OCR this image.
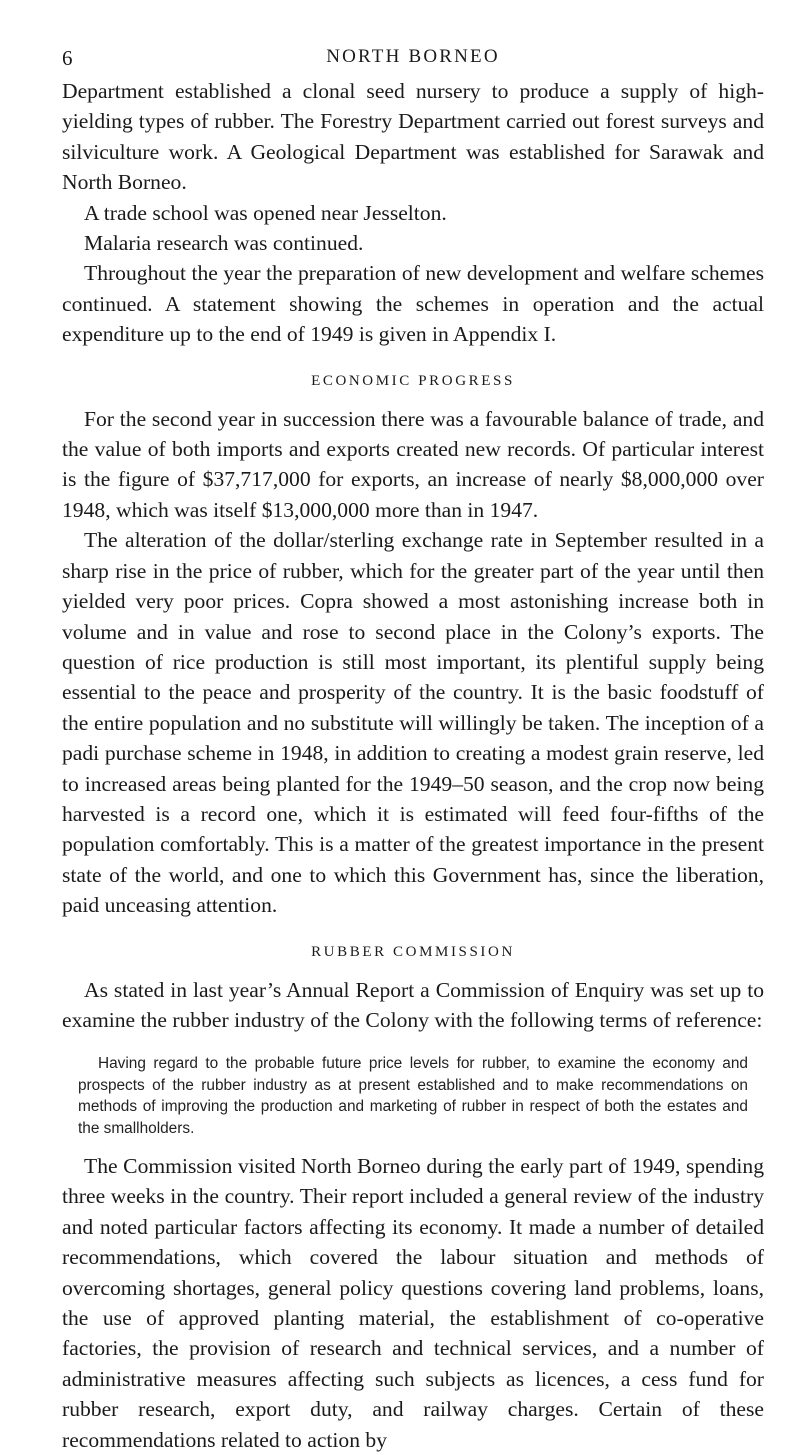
6	NORTH BORNEO

Department established a clonal seed nursery to produce a supply of high-yielding types of rubber. The Forestry Department carried out forest surveys and silviculture work. A Geological Department was established for Sarawak and North Borneo.

A trade school was opened near Jesselton.

Malaria research was continued.

Throughout the year the preparation of new development and welfare schemes continued. A statement showing the schemes in operation and the actual expenditure up to the end of 1949 is given in Appendix I.

ECONOMIC PROGRESS

For the second year in succession there was a favourable balance of trade, and the value of both imports and exports created new records. Of particular interest is the figure of $37,717,000 for exports, an increase of nearly $8,000,000 over 1948, which was itself $13,000,000 more than in 1947.

The alteration of the dollar/sterling exchange rate in September resulted in a sharp rise in the price of rubber, which for the greater part of the year until then yielded very poor prices. Copra showed a most astonishing increase both in volume and in value and rose to second place in the Colony’s exports. The question of rice production is still most important, its plentiful supply being essential to the peace and prosperity of the country. It is the basic foodstuff of the entire population and no substitute will willingly be taken. The inception of a padi purchase scheme in 1948, in addition to creating a modest grain reserve, led to increased areas being planted for the 1949–50 season, and the crop now being harvested is a record one, which it is estimated will feed four-fifths of the population comfortably. This is a matter of the greatest importance in the present state of the world, and one to which this Government has, since the liberation, paid unceasing attention.

RUBBER COMMISSION

As stated in last year’s Annual Report a Commission of Enquiry was set up to examine the rubber industry of the Colony with the following terms of reference:

Having regard to the probable future price levels for rubber, to examine the economy and prospects of the rubber industry as at present established and to make recommendations on methods of improving the production and marketing of rubber in respect of both the estates and the smallholders.

The Commission visited North Borneo during the early part of 1949, spending three weeks in the country. Their report included a general review of the industry and noted particular factors affecting its economy. It made a number of detailed recommendations, which covered the labour situation and methods of overcoming shortages, general policy questions covering land problems, loans, the use of approved planting material, the establishment of co-operative factories, the provision of research and technical services, and a number of administrative measures affecting such subjects as licences, a cess fund for rubber research, export duty, and railway charges. Certain of these recommendations related to action by
